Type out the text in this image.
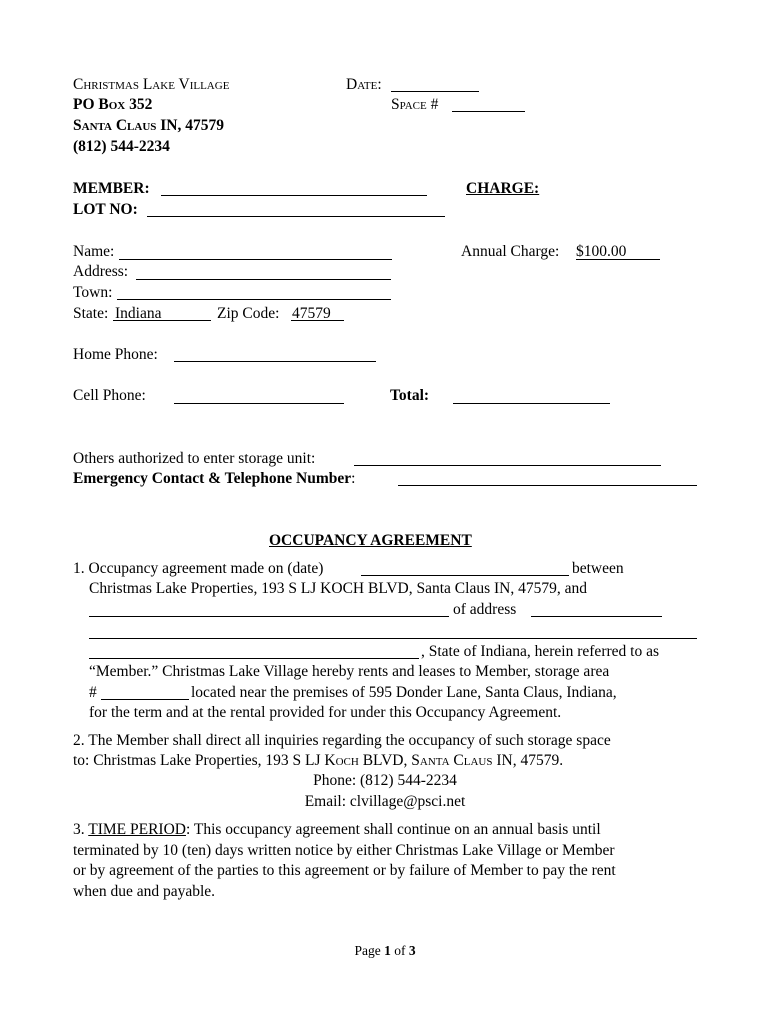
Christmas Lake Village
PO Box 352
Santa Claus IN, 47579
(812) 544-2234
Date:
Space #
MEMBER:
LOT NO:
CHARGE:
Name:
Address:
Town:
State: Indiana	Zip Code: 47579
Annual Charge: $100.00
Home Phone:
Cell Phone:	Total:
Others authorized to enter storage unit:
Emergency Contact & Telephone Number:
OCCUPANCY AGREEMENT
1. Occupancy agreement made on (date)	between
Christmas Lake Properties, 193 S LJ KOCH BLVD, Santa Claus IN, 47579, and
of address
, State of Indiana, herein referred to as
“Member.” Christmas Lake Village hereby rents and leases to Member, storage area
#	located near the premises of 595 Donder Lane, Santa Claus, Indiana,
for the term and at the rental provided for under this Occupancy Agreement.
2. The Member shall direct all inquiries regarding the occupancy of such storage space
to: Christmas Lake Properties, 193 S LJ Koch BLVD, Santa Claus IN, 47579.
Phone: (812) 544-2234
Email: clvillage@psci.net
3. TIME PERIOD: This occupancy agreement shall continue on an annual basis until
terminated by 10 (ten) days written notice by either Christmas Lake Village or Member
or by agreement of the parties to this agreement or by failure of Member to pay the rent
when due and payable.
Page 1 of 3
